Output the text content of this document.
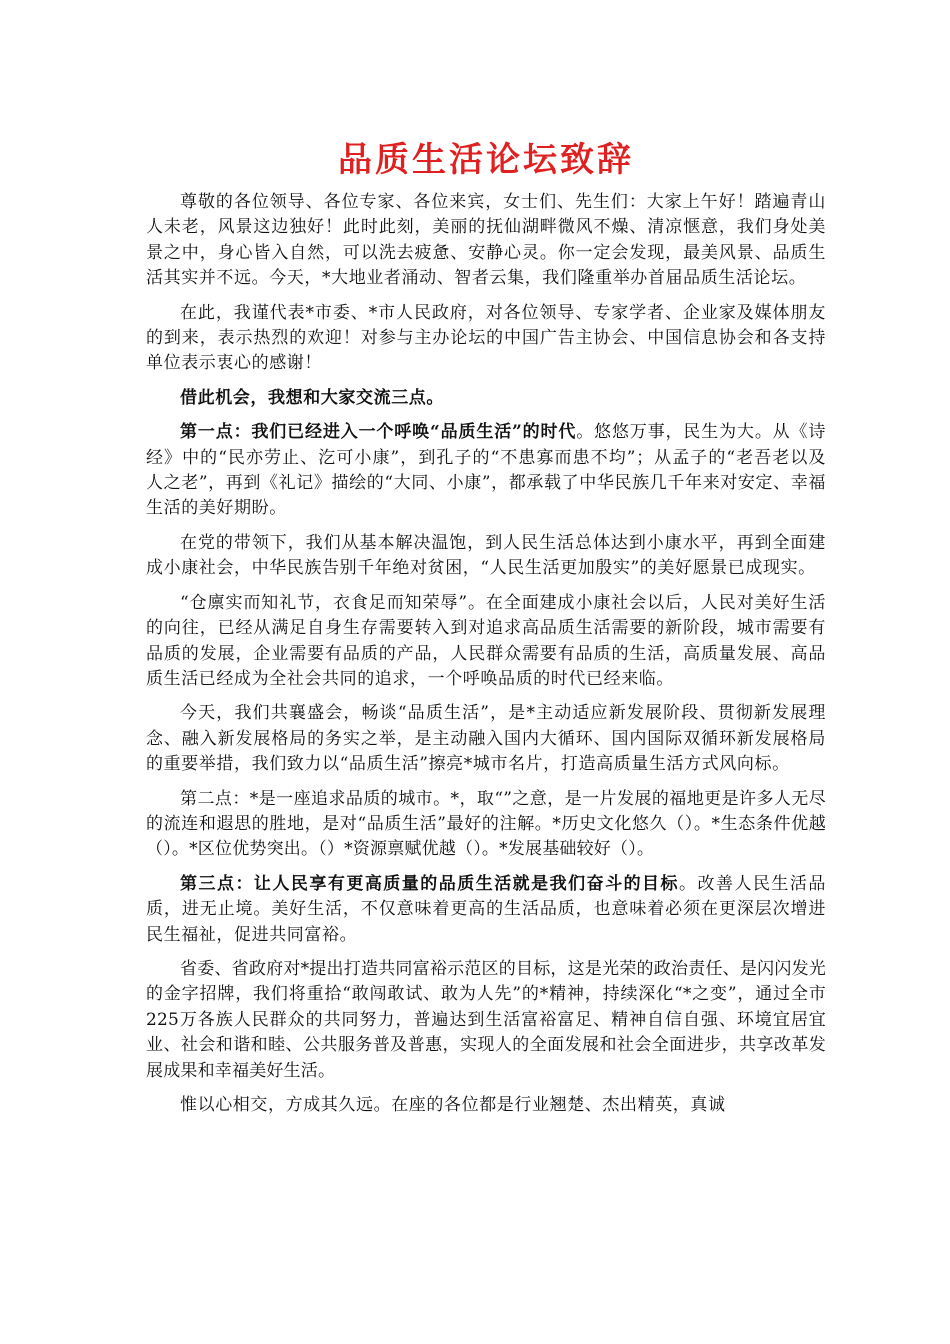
品质生活论坛致辞

尊敬的各位领导、各位专家、各位来宾，女士们、先生们：大家上午好！踏遍青山人未老，风景这边独好！此时此刻，美丽的抚仙湖畔微风不燥、清凉惬意，我们身处美景之中，身心皆入自然，可以洗去疲惫、安静心灵。你一定会发现，最美风景、品质生活其实并不远。今天，*大地业者涌动、智者云集，我们隆重举办首届品质生活论坛。

在此，我谨代表*市委、*市人民政府，对各位领导、专家学者、企业家及媒体朋友的到来，表示热烈的欢迎！对参与主办论坛的中国广告主协会、中国信息协会和各支持单位表示衷心的感谢！

借此机会，我想和大家交流三点。

第一点：我们已经进入一个呼唤“品质生活”的时代。悠悠万事，民生为大。从《诗经》中的“民亦劳止、汔可小康”，到孔子的“不患寡而患不均”；从孟子的“老吾老以及人之老”，再到《礼记》描绘的“大同、小康”，都承载了中华民族几千年来对安定、幸福生活的美好期盼。

在党的带领下，我们从基本解决温饱，到人民生活总体达到小康水平，再到全面建成小康社会，中华民族告别千年绝对贫困，“人民生活更加殷实”的美好愿景已成现实。

“仓廪实而知礼节，衣食足而知荣辱”。在全面建成小康社会以后，人民对美好生活的向往，已经从满足自身生存需要转入到对追求高品质生活需要的新阶段，城市需要有品质的发展，企业需要有品质的产品，人民群众需要有品质的生活，高质量发展、高品质生活已经成为全社会共同的追求，一个呼唤品质的时代已经来临。

今天，我们共襄盛会，畅谈“品质生活”，是*主动适应新发展阶段、贯彻新发展理念、融入新发展格局的务实之举，是主动融入国内大循环、国内国际双循环新发展格局的重要举措，我们致力以“品质生活”擦亮*城市名片，打造高质量生活方式风向标。

第二点：*是一座追求品质的城市。*，取“”之意，是一片发展的福地更是许多人无尽的流连和遐思的胜地，是对“品质生活”最好的注解。*历史文化悠久（）。*生态条件优越（）。*区位优势突出。（）*资源禀赋优越（）。*发展基础较好（）。

第三点：让人民享有更高质量的品质生活就是我们奋斗的目标。改善人民生活品质，进无止境。美好生活，不仅意味着更高的生活品质，也意味着必须在更深层次增进民生福祉，促进共同富裕。

省委、省政府对*提出打造共同富裕示范区的目标，这是光荣的政治责任、是闪闪发光的金字招牌，我们将重拾“敢闯敢试、敢为人先”的*精神，持续深化“*之变”，通过全市225万各族人民群众的共同努力，普遍达到生活富裕富足、精神自信自强、环境宜居宜业、社会和谐和睦、公共服务普及普惠，实现人的全面发展和社会全面进步，共享改革发展成果和幸福美好生活。

惟以心相交，方成其久远。在座的各位都是行业翘楚、杰出精英，真诚
